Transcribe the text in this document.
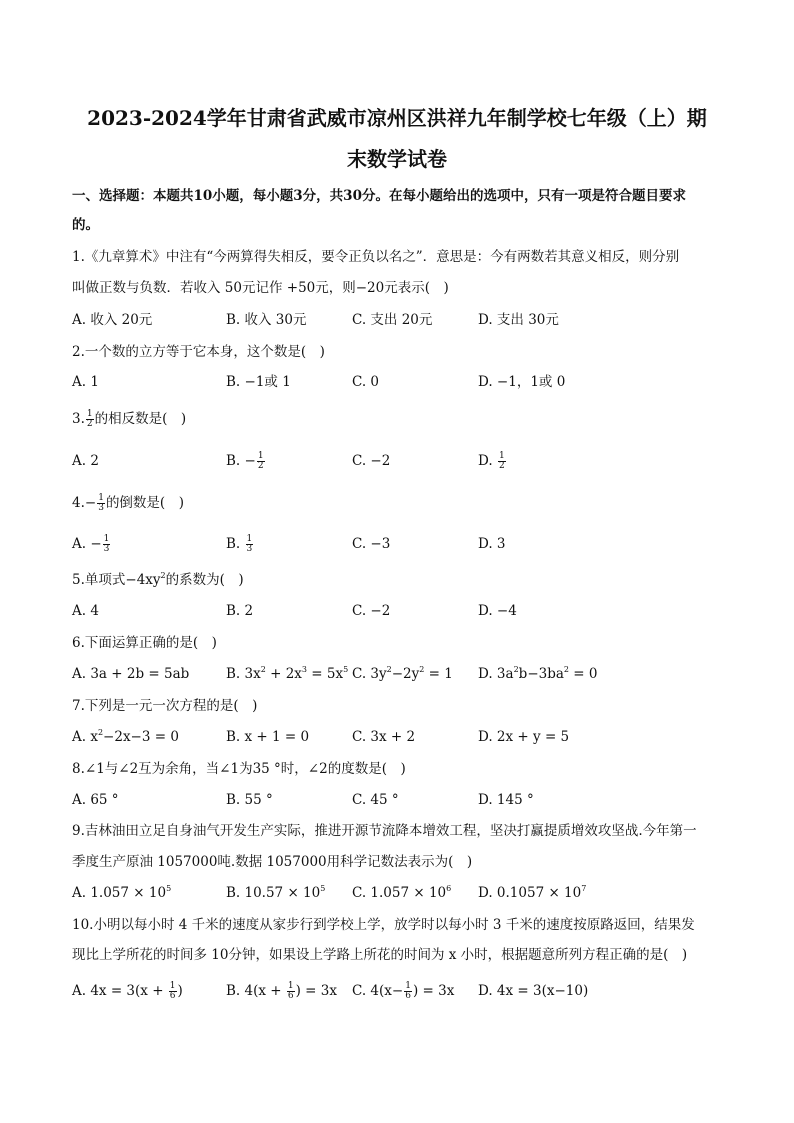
2023-2024学年甘肃省武威市凉州区洪祥九年制学校七年级（上）期
末数学试卷
一、选择题：本题共10小题，每小题3分，共30分。在每小题给出的选项中，只有一项是符合题目要求
的。
1.《九章算术》中注有“今两算得失相反，要令正负以名之”．意思是：今有两数若其意义相反，则分别
叫做正数与负数．若收入 50元记作 +50元，则−20元表示(　)
A. 收入 20元	B. 收入 30元	C. 支出 20元	D. 支出 30元
2.一个数的立方等于它本身，这个数是(　)
A. 1	B. −1或 1	C. 0	D. −1，1或 0
3. $\frac{1}{2}$ 的相反数是(　)
A. 2	B. − $\frac{1}{2}$	C. −2	D. $\frac{1}{2}$
$4.- \frac{1}{3}$ 的倒数是(　)
A. − $\frac{1}{3}$	B. $\frac{1}{3}$	C. −3	D. 3
5.单项式$-4xy^2$的系数为(　)
A. 4	B. 2	C. −2	D. −4
6.下面运算正确的是(　)
A. 3a + 2b = 5ab	B. $3x^2 + 2x^3 = 5x^5$ C. $3y^2-2y^2 = 1$ D. $3a^2b-3ba^2 = 0$
7.下列是一元一次方程的是(　)
A. $x^2-2x-3 = 0$	B. x + 1 = 0	C. 3x + 2	D. 2x + y = 5
8.∠1与∠2互为余角，当∠1为35 °时，∠2的度数是(　)
A. 65 °	B. 55 °	C. 45 °	D. 145 °
9.吉林油田立足自身油气开发生产实际，推进开源节流降本增效工程，坚决打赢提质增效攻坚战.今年第一
季度生产原油 1057000吨.数据 1057000用科学记数法表示为(　)
A. $1.057 \times 10^5$	B. $10.57 \times 10^5$ C. $1.057 \times 10^6$ D. $0.1057 \times 10^7$
10.小明以每小时 4 千米的速度从家步行到学校上学，放学时以每小时 3 千米的速度按原路返回，结果发
现比上学所花的时间多 10分钟，如果设上学路上所花的时间为 x 小时，根据题意所列方程正确的是(　)
A. $4x = 3(x + \frac{1}{6}$ )	B. $4(x + \frac{1}{6}$ ) = 3x C. $4(x- \frac{1}{6}$ ) = 3x D. 4x = 3(x−10)
